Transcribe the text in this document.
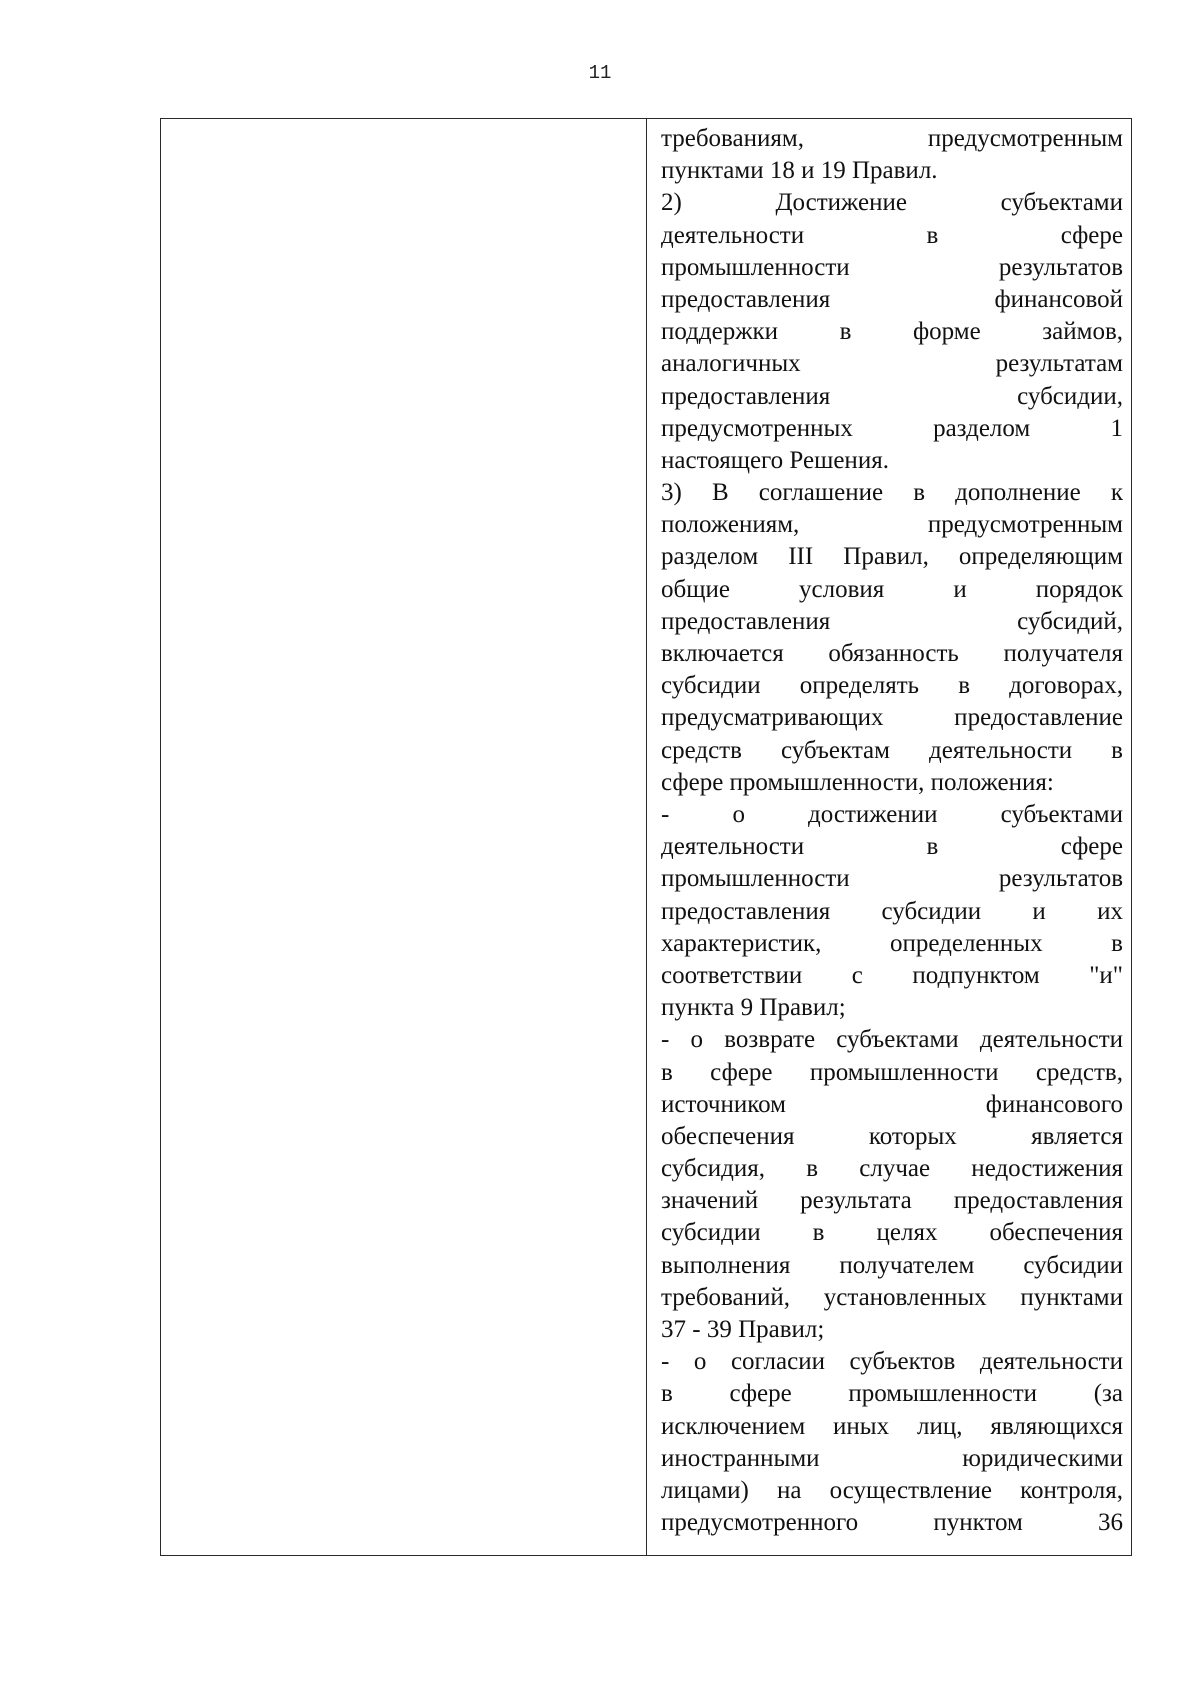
11
требованиям, предусмотренным
пунктами 18 и 19 Правил.
2) Достижение субъектами
деятельности в сфере
промышленности результатов
предоставления финансовой
поддержки в форме займов,
аналогичных результатам
предоставления субсидии,
предусмотренных разделом 1
настоящего Решения.
3) В соглашение в дополнение к
положениям, предусмотренным
разделом III Правил, определяющим
общие условия и порядок
предоставления субсидий,
включается обязанность получателя
субсидии определять в договорах,
предусматривающих предоставление
средств субъектам деятельности в
сфере промышленности, положения:
- о достижении субъектами
деятельности в сфере
промышленности результатов
предоставления субсидии и их
характеристик, определенных в
соответствии с подпунктом "и"
пункта 9 Правил;
- о возврате субъектами деятельности
в сфере промышленности средств,
источником финансового
обеспечения которых является
субсидия, в случае недостижения
значений результата предоставления
субсидии в целях обеспечения
выполнения получателем субсидии
требований, установленных пунктами
37 - 39 Правил;
- о согласии субъектов деятельности
в сфере промышленности (за
исключением иных лиц, являющихся
иностранными юридическими
лицами) на осуществление контроля,
предусмотренного пунктом 36
